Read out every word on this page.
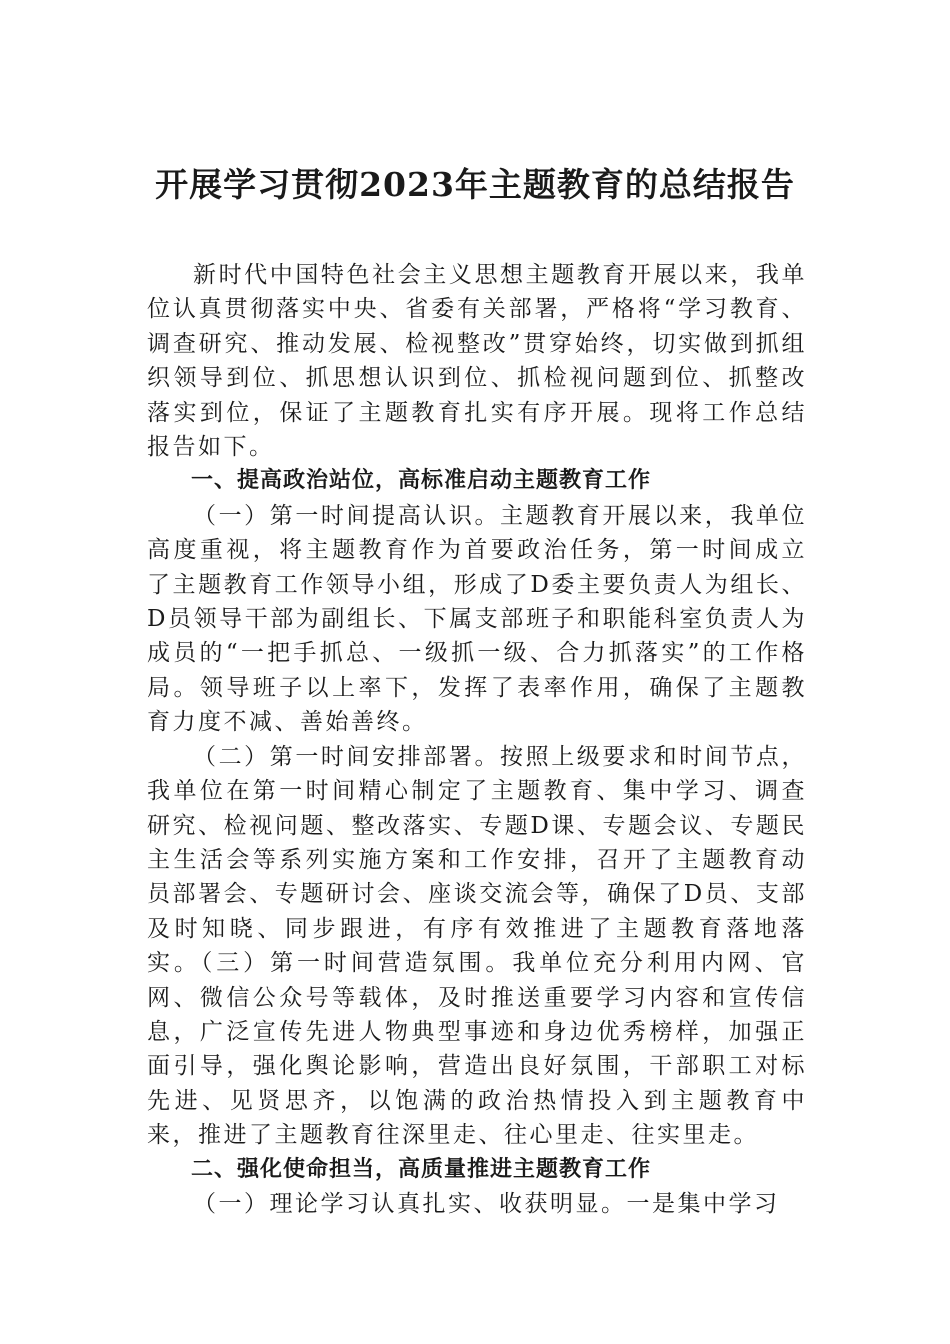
开展学习贯彻2023年主题教育的总结报告

新时代中国特色社会主义思想主题教育开展以来，我单位认真贯彻落实中央、省委有关部署，严格将“学习教育、调查研究、推动发展、检视整改”贯穿始终，切实做到抓组织领导到位、抓思想认识到位、抓检视问题到位、抓整改落实到位，保证了主题教育扎实有序开展。现将工作总结报告如下。

一、提高政治站位，高标准启动主题教育工作

（一）第一时间提高认识。主题教育开展以来，我单位高度重视，将主题教育作为首要政治任务，第一时间成立了主题教育工作领导小组，形成了D委主要负责人为组长、D员领导干部为副组长、下属支部班子和职能科室负责人为成员的“一把手抓总、一级抓一级、合力抓落实”的工作格局。领导班子以上率下，发挥了表率作用，确保了主题教育力度不减、善始善终。

（二）第一时间安排部署。按照上级要求和时间节点，我单位在第一时间精心制定了主题教育、集中学习、调查研究、检视问题、整改落实、专题D课、专题会议、专题民主生活会等系列实施方案和工作安排，召开了主题教育动员部署会、专题研讨会、座谈交流会等，确保了D员、支部及时知晓、同步跟进，有序有效推进了主题教育落地落实。（三）第一时间营造氛围。我单位充分利用内网、官网、微信公众号等载体，及时推送重要学习内容和宣传信息，广泛宣传先进人物典型事迹和身边优秀榜样，加强正面引导，强化舆论影响，营造出良好氛围，干部职工对标先进、见贤思齐，以饱满的政治热情投入到主题教育中来，推进了主题教育往深里走、往心里走、往实里走。

二、强化使命担当，高质量推进主题教育工作

（一）理论学习认真扎实、收获明显。一是集中学习
